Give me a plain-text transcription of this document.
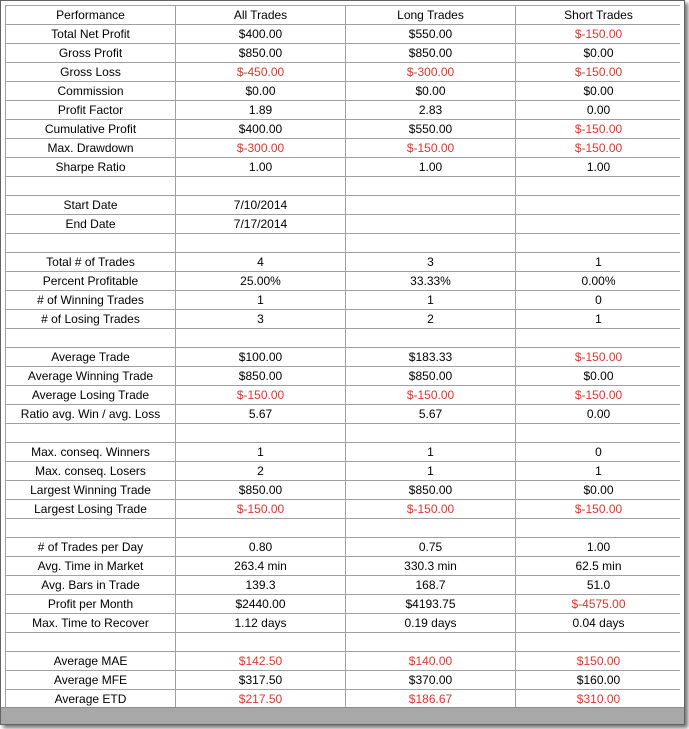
Performance	All Trades	Long Trades	Short Trades
Total Net Profit	$400.00	$550.00	$-150.00
Gross Profit	$850.00	$850.00	$0.00
Gross Loss	$-450.00	$-300.00	$-150.00
Commission	$0.00	$0.00	$0.00
Profit Factor	1.89	2.83	0.00
Cumulative Profit	$400.00	$550.00	$-150.00
Max. Drawdown	$-300.00	$-150.00	$-150.00
Sharpe Ratio	1.00	1.00	1.00

Start Date	7/10/2014		
End Date	7/17/2014		

Total # of Trades	4	3	1
Percent Profitable	25.00%	33.33%	0.00%
# of Winning Trades	1	1	0
# of Losing Trades	3	2	1

Average Trade	$100.00	$183.33	$-150.00
Average Winning Trade	$850.00	$850.00	$0.00
Average Losing Trade	$-150.00	$-150.00	$-150.00
Ratio avg. Win / avg. Loss	5.67	5.67	0.00

Max. conseq. Winners	1	1	0
Max. conseq. Losers	2	1	1
Largest Winning Trade	$850.00	$850.00	$0.00
Largest Losing Trade	$-150.00	$-150.00	$-150.00

# of Trades per Day	0.80	0.75	1.00
Avg. Time in Market	263.4 min	330.3 min	62.5 min
Avg. Bars in Trade	139.3	168.7	51.0
Profit per Month	$2440.00	$4193.75	$-4575.00
Max. Time to Recover	1.12 days	0.19 days	0.04 days

Average MAE	$142.50	$140.00	$150.00
Average MFE	$317.50	$370.00	$160.00
Average ETD	$217.50	$186.67	$310.00
